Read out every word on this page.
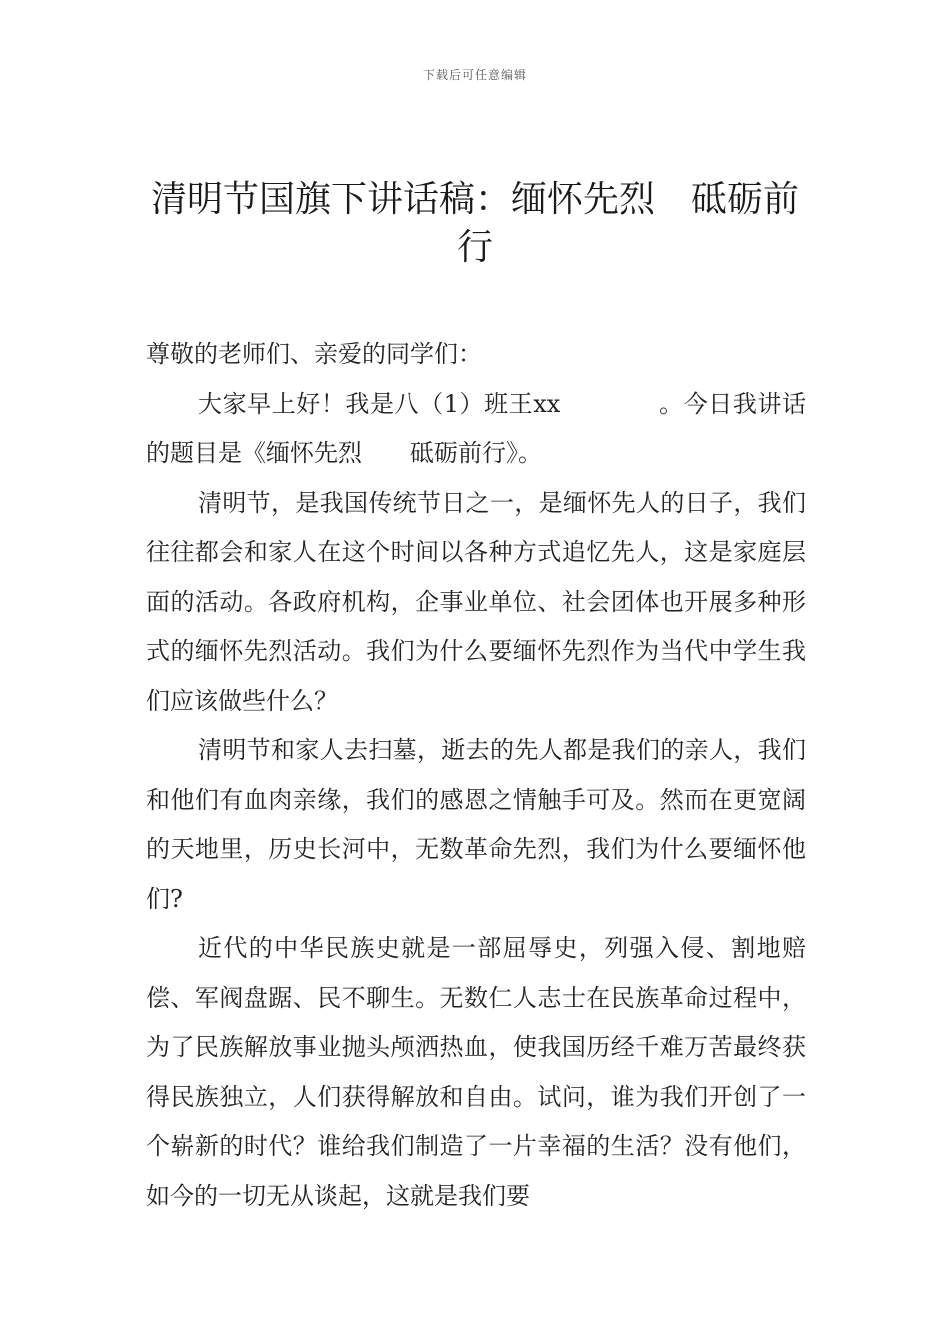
下载后可任意编辑
清明节国旗下讲话稿：缅怀先烈　砥砺前行

尊敬的老师们、亲爱的同学们：

大家早上好！我是八（1）班王xx　　　　。今日我讲话的题目是《缅怀先烈　　砥砺前行》。

清明节，是我国传统节日之一，是缅怀先人的日子，我们往往都会和家人在这个时间以各种方式追忆先人，这是家庭层面的活动。各政府机构，企事业单位、社会团体也开展多种形式的缅怀先烈活动。我们为什么要缅怀先烈作为当代中学生我们应该做些什么？

清明节和家人去扫墓，逝去的先人都是我们的亲人，我们和他们有血肉亲缘，我们的感恩之情触手可及。然而在更宽阔的天地里，历史长河中，无数革命先烈，我们为什么要缅怀他们?

近代的中华民族史就是一部屈辱史，列强入侵、割地赔偿、军阀盘踞、民不聊生。无数仁人志士在民族革命过程中，为了民族解放事业抛头颅洒热血，使我国历经千难万苦最终获得民族独立，人们获得解放和自由。试问，谁为我们开创了一个崭新的时代？谁给我们制造了一片幸福的生活？没有他们，如今的一切无从谈起，这就是我们要
